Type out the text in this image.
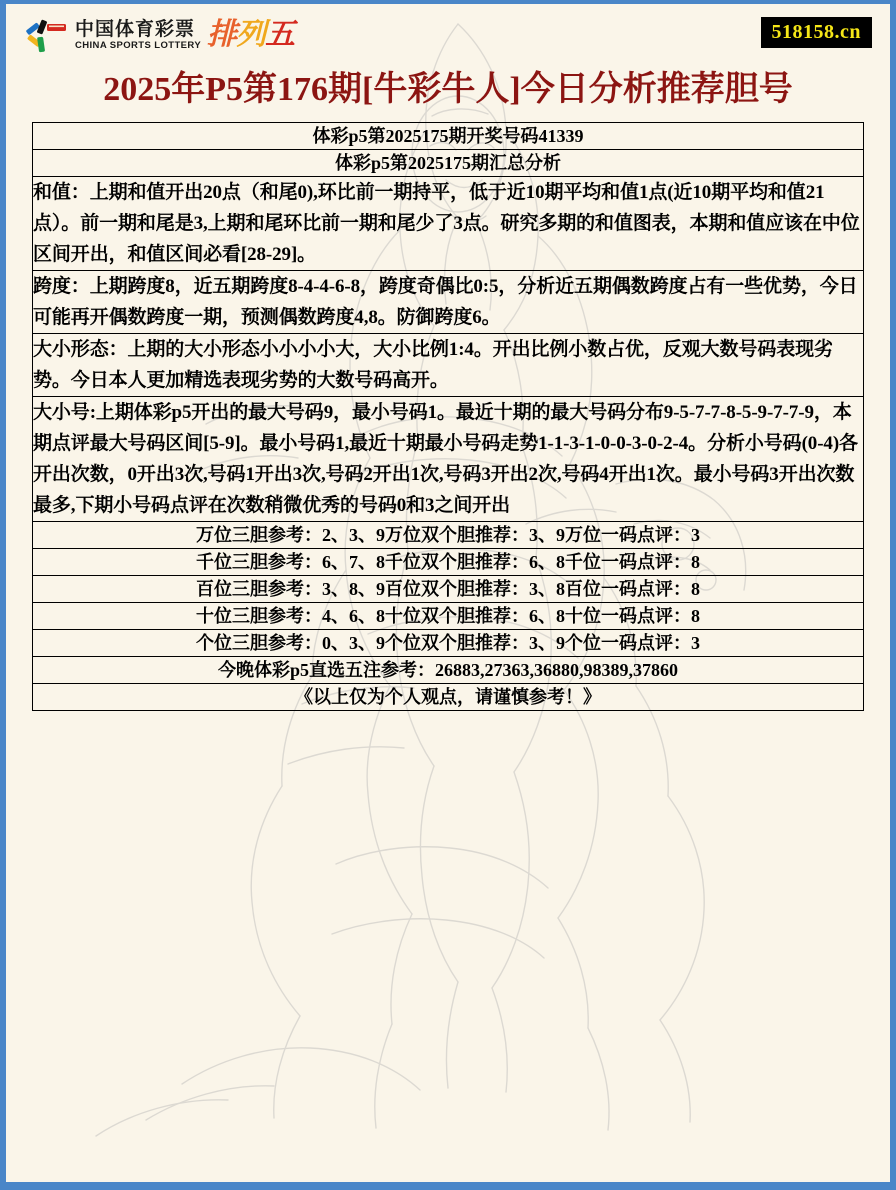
中国体育彩票
CHINA SPORTS LOTTERY 排列五	518158.cn
2025年P5第176期[牛彩牛人]今日分析推荐胆号
体彩p5第2025175期开奖号码41339
体彩p5第2025175期汇总分析
和值：上期和值开出20点（和尾0),环比前一期持平，低于近10期平均和值1点(近10期平均和值21点）。前一期和尾是3,上期和尾环比前一期和尾少了3点。研究多期的和值图表，本期和值应该在中位区间开出，和值区间必看[28-29]。
跨度：上期跨度8，近五期跨度8-4-4-6-8，跨度奇偶比0:5，分析近五期偶数跨度占有一些优势，今日可能再开偶数跨度一期，预测偶数跨度4,8。防御跨度6。
大小形态：上期的大小形态小小小小大，大小比例1:4。开出比例小数占优，反观大数号码表现劣势。今日本人更加精选表现劣势的大数号码高开。
大小号:上期体彩p5开出的最大号码9，最小号码1。最近十期的最大号码分布9-5-7-7-8-5-9-7-7-9，本期点评最大号码区间[5-9]。最小号码1,最近十期最小号码走势1-1-3-1-0-0-3-0-2-4。分析小号码(0-4)各开出次数，0开出3次,号码1开出3次,号码2开出1次,号码3开出2次,号码4开出1次。最小号码3开出次数最多,下期小号码点评在次数稍微优秀的号码0和3之间开出
万位三胆参考：2、3、9万位双个胆推荐：3、9万位一码点评：3
千位三胆参考：6、7、8千位双个胆推荐：6、8千位一码点评：8
百位三胆参考：3、8、9百位双个胆推荐：3、8百位一码点评：8
十位三胆参考：4、6、8十位双个胆推荐：6、8十位一码点评：8
个位三胆参考：0、3、9个位双个胆推荐：3、9个位一码点评：3
今晚体彩p5直选五注参考：26883,27363,36880,98389,37860
《以上仅为个人观点，请谨慎参考！》
